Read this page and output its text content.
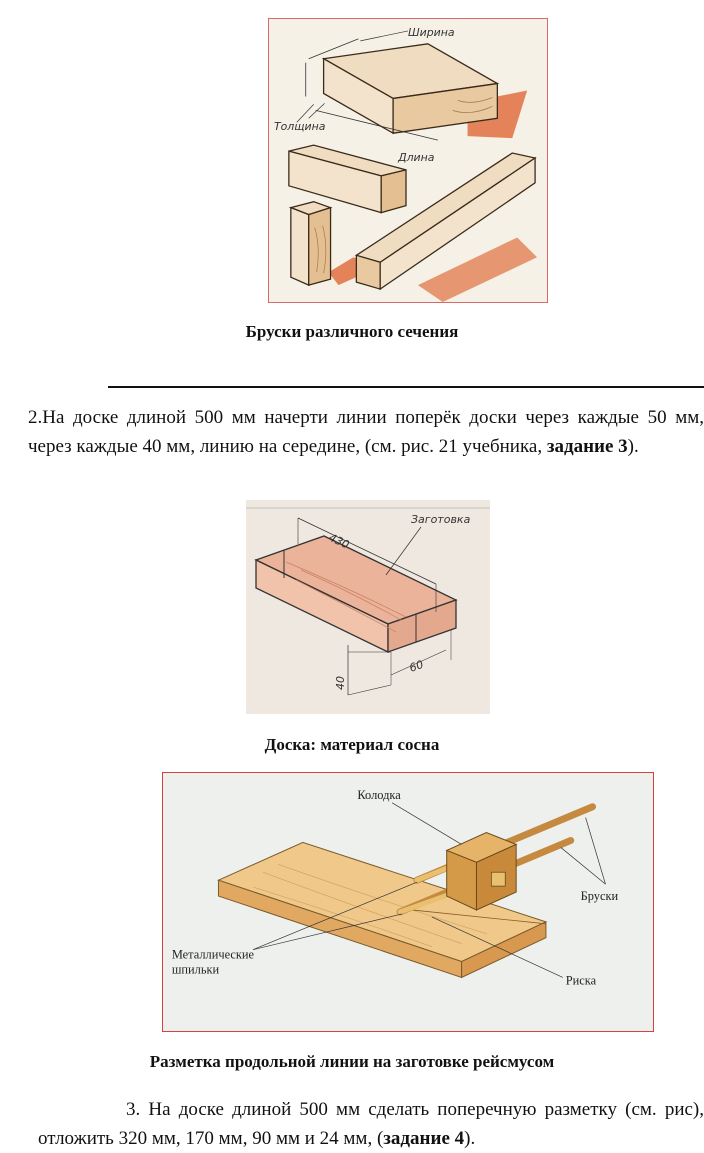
Ширина
Толщина
Длина
Бруски различного сечения
2.На доске длиной 500 мм начерти линии поперёк доски через каждые 50 мм, через каждые 40 мм, линию на середине, (см. рис. 21 учебника, задание 3).
430
Заготовка
40
60
Доска: материал сосна
Колодка
Бруски
Металлические
шпильки
Риска
Разметка продольной линии на заготовке рейсмусом
3. На доске длиной 500 мм сделать поперечную разметку (см. рис), отложить 320 мм, 170 мм, 90 мм и 24 мм, (задание 4).
